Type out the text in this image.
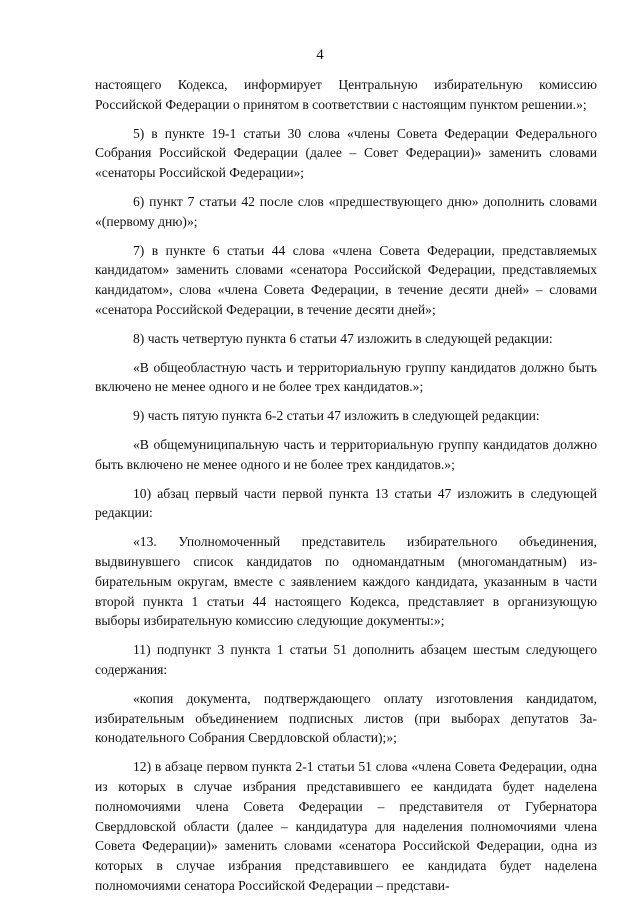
4

настоящего Кодекса, информирует Центральную избирательную комиссию Российской Федерации о принятом в соответствии с настоящим пунктом решении.»;

5) в пункте 19-1 статьи 30 слова «члены Совета Федерации Федерального Собрания Российской Федерации (далее – Совет Федерации)» заменить словами «сенаторы Российской Федерации»;

6) пункт 7 статьи 42 после слов «предшествующего дню» дополнить словами «(первому дню)»;

7) в пункте 6 статьи 44 слова «члена Совета Федерации, представляемых кандидатом» заменить словами «сенатора Российской Федерации, представляемых кандидатом», слова «члена Совета Федерации, в течение десяти дней» – словами «сенатора Российской Федерации, в течение десяти дней»;

8) часть четвертую пункта 6 статьи 47 изложить в следующей редакции:

«В общеобластную часть и территориальную группу кандидатов должно быть включено не менее одного и не более трех кандидатов.»;

9) часть пятую пункта 6-2 статьи 47 изложить в следующей редакции:

«В общемуниципальную часть и территориальную группу кандидатов должно быть включено не менее одного и не более трех кандидатов.»;

10) абзац первый части первой пункта 13 статьи 47 изложить в следующей редакции:

«13. Уполномоченный представитель избирательного объединения, выдвинувшего список кандидатов по одномандатным (многомандатным) избирательным округам, вместе с заявлением каждого кандидата, указанным в части второй пункта 1 статьи 44 настоящего Кодекса, представляет в организующую выборы избирательную комиссию следующие документы:»;

11) подпункт 3 пункта 1 статьи 51 дополнить абзацем шестым следующего содержания:

«копия документа, подтверждающего оплату изготовления кандидатом, избирательным объединением подписных листов (при выборах депутатов Законодательного Собрания Свердловской области);»;

12) в абзаце первом пункта 2-1 статьи 51 слова «члена Совета Федерации, одна из которых в случае избрания представившего ее кандидата будет наделена полномочиями члена Совета Федерации – представителя от Губернатора Свердловской области (далее – кандидатура для наделения полномочиями члена Совета Федерации)» заменить словами «сенатора Российской Федерации, одна из которых в случае избрания представившего ее кандидата будет наделена полномочиями сенатора Российской Федерации – представи-
